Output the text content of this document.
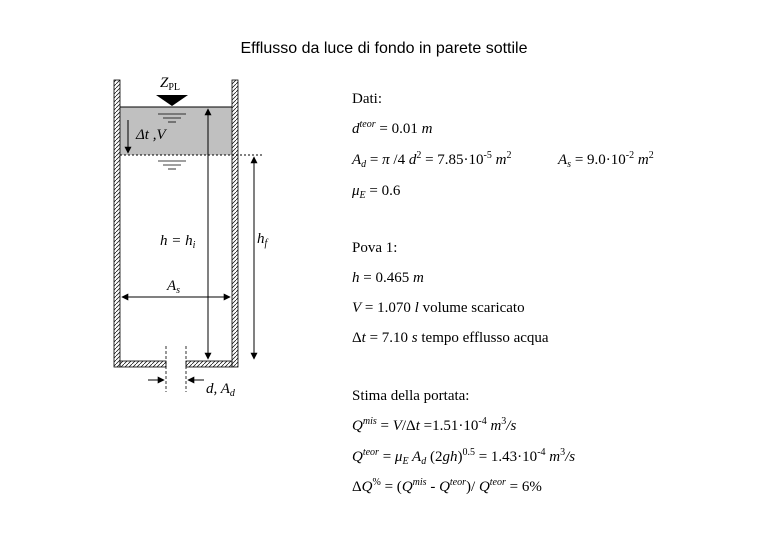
Efflusso da luce di fondo in parete sottile
$Z_{PL}$
Δt ,V
$h = h_i$	$h_f$
$A_s$
d, $A_d$
Dati:
$d^{teor} = 0.01$ m
$A_d = \pi$ /4 $d^2 = 7.85\cdot 10^{-5}$ $m^2$	$A_s = 9.0\cdot 10^{-2}$ $m^2$
$\mu_E = 0.6$
Pova 1:
h = 0.465 m
V = 1.070 l volume scaricato
Δt = 7.10 s tempo efflusso acqua
Stima della portata:
$Q^{mis} = V/\Delta t =1.51\cdot 10^{-4}$ $m^3/s$
$Q^{teor} = \mu_E$ $A_d$ $(2gh)^{0.5} = 1.43\cdot 10^{-4}$ $m^3/s$
$\Delta Q^{\%} = (Q^{mis} - Q^{teor})/$ $Q^{teor} = 6\%$
